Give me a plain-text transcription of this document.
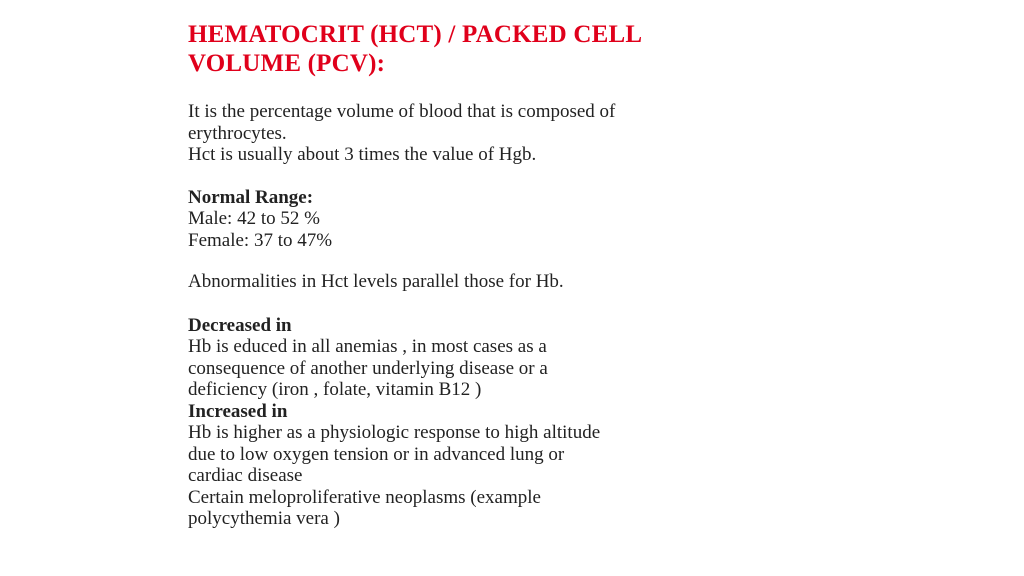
HEMATOCRIT (HCT) / PACKED CELL
VOLUME (PCV):

It is the percentage volume of blood that is composed of
erythrocytes.
Hct is usually about 3 times the value of Hgb.

Normal Range:

Male: 42 to 52 %
Female: 37 to 47%

Abnormalities in Hct levels parallel those for Hb.

Decreased in

Hb is educed in all anemias , in most cases as a
consequence of another underlying disease or a
deficiency (iron , folate, vitamin B12 )

Increased in

Hb is higher as a physiologic response to high altitude
due to low oxygen tension or in advanced lung or
cardiac disease
Certain meloproliferative neoplasms (example
polycythemia vera )
